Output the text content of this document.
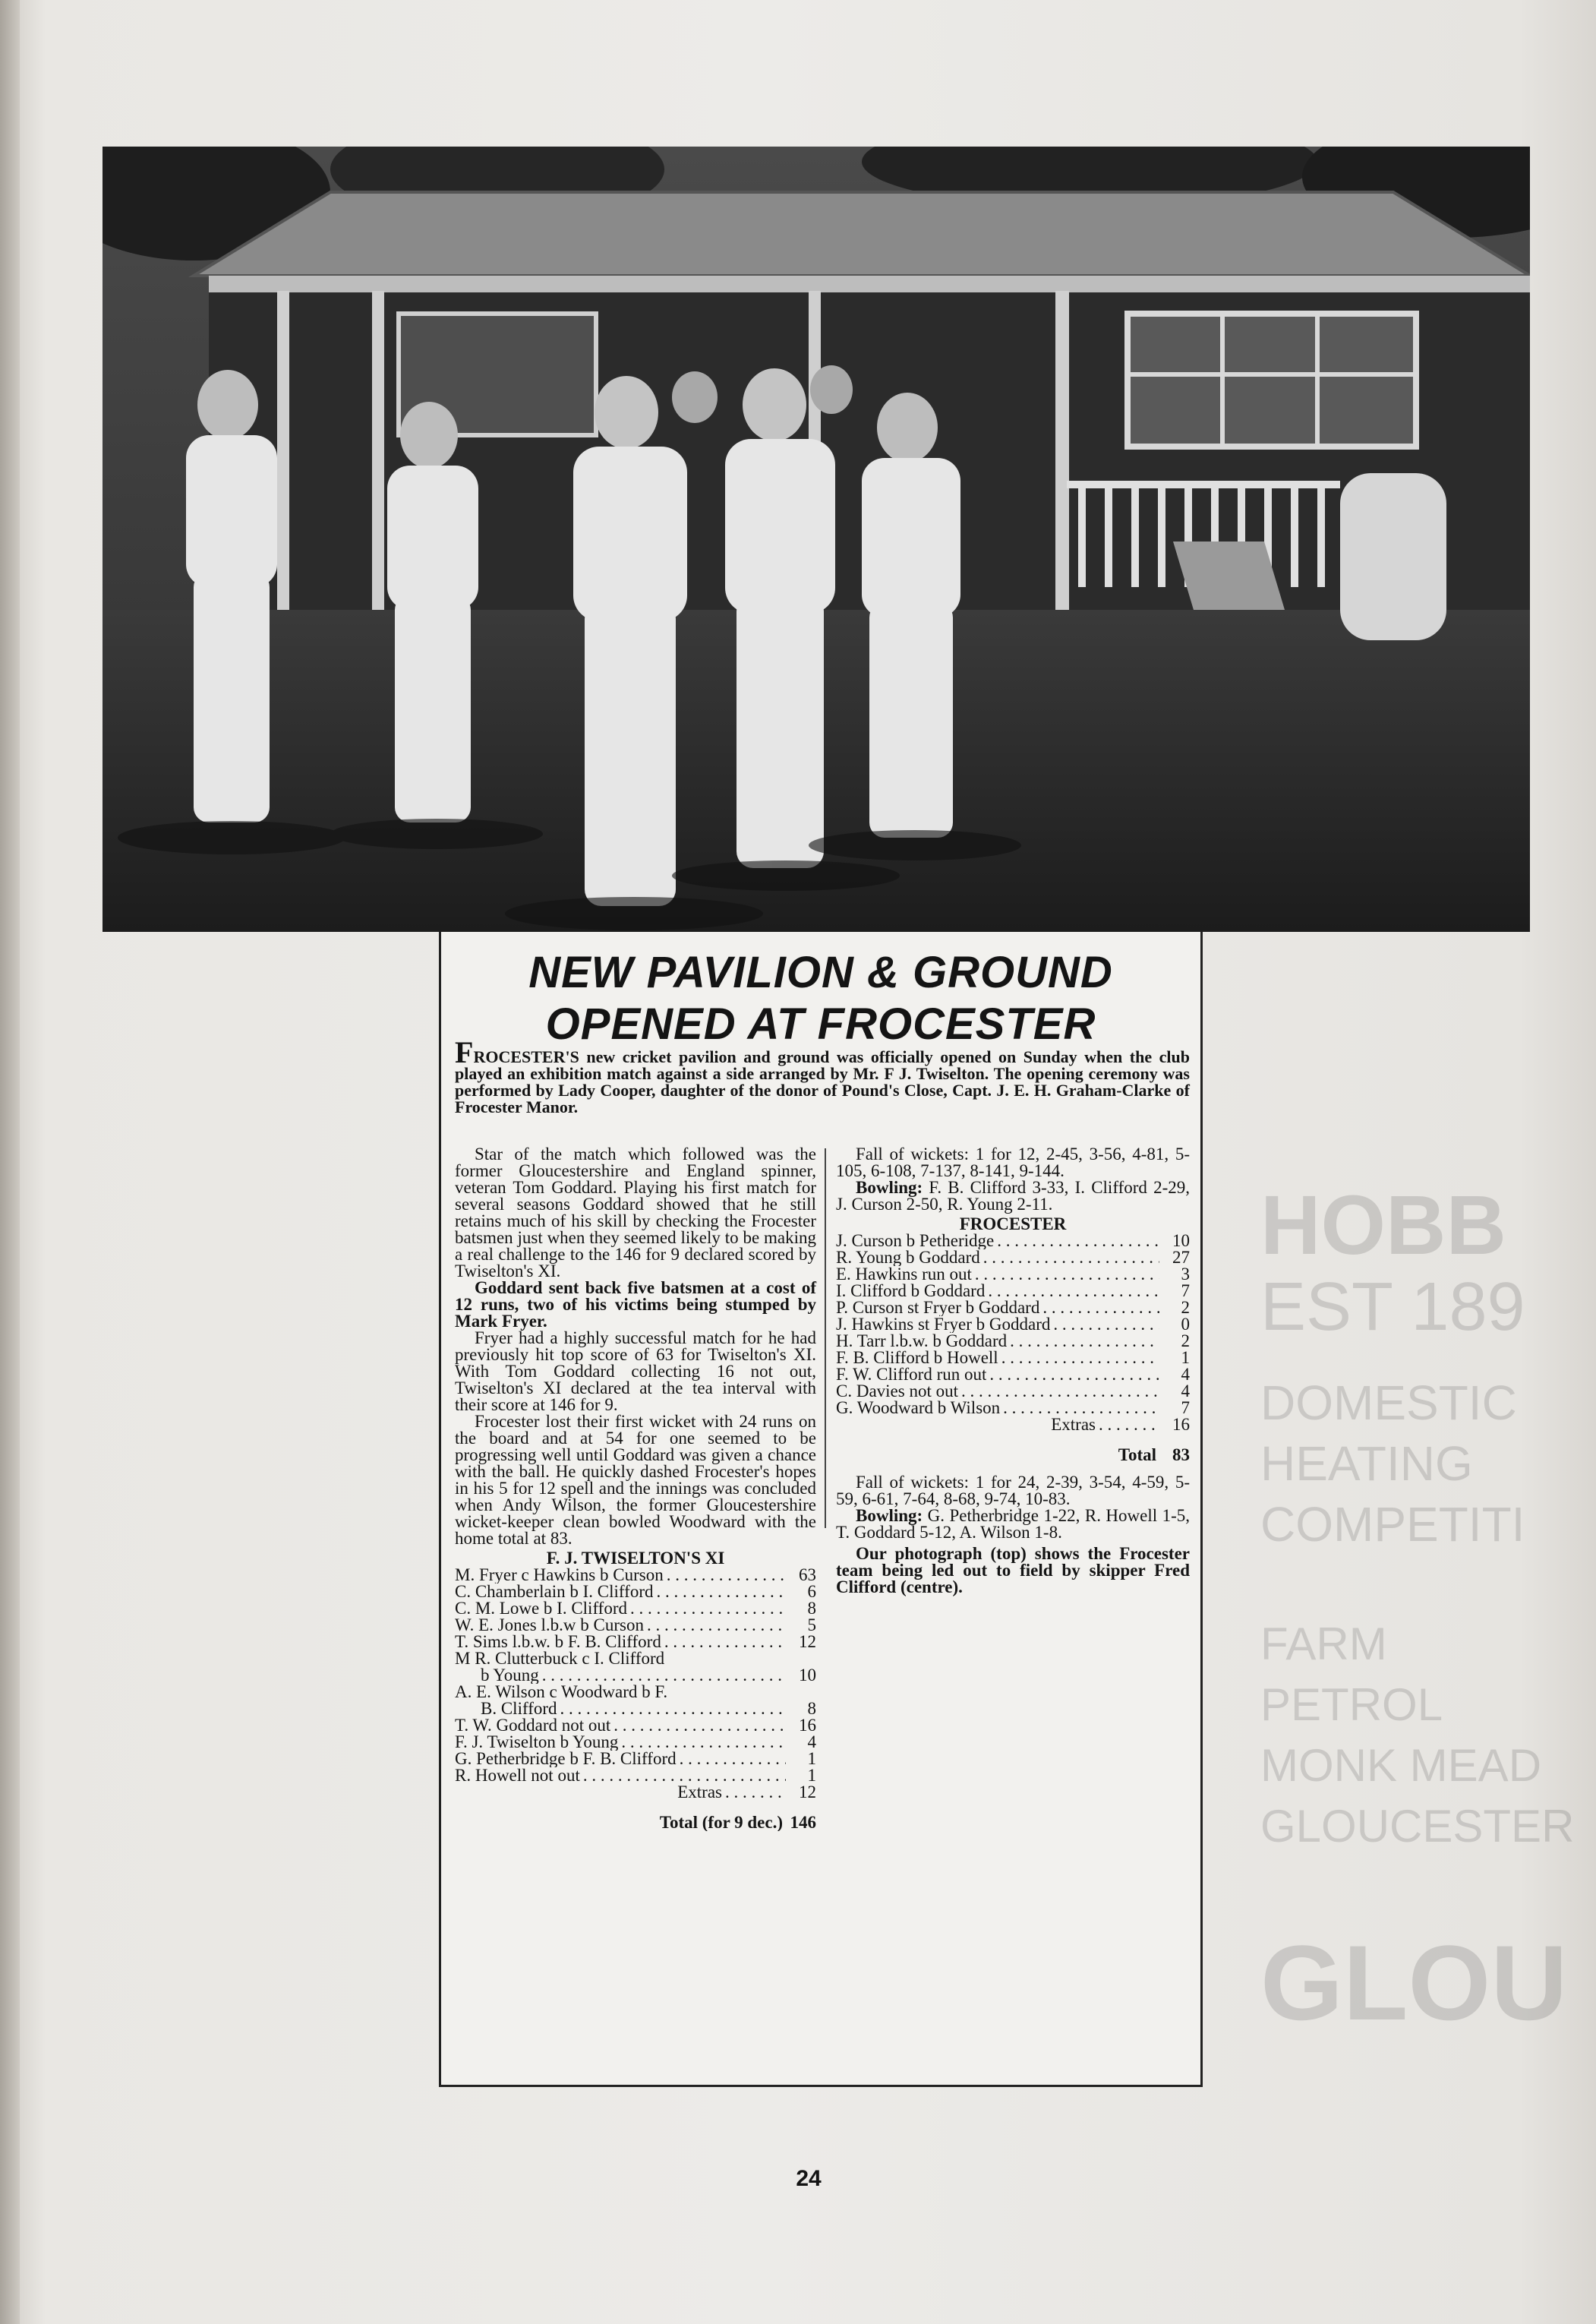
HOBB
EST 189
DOMESTIC
HEATING
COMPETITI
FARM
PETROL
MONK MEAD
GLOUCESTER
GLOU
NEW PAVILION & GROUND
OPENED AT FROCESTER
FROCESTER'S new cricket pavilion and ground was officially opened on Sunday when the club played an exhibition match against a side arranged by Mr. F J. Twiselton. The opening ceremony was performed by Lady Cooper, daughter of the donor of Pound's Close, Capt. J. E. H. Graham-Clarke of Frocester Manor.

Star of the match which followed was the former Gloucestershire and England spinner, veteran Tom Goddard. Playing his first match for several seasons Goddard showed that he still retains much of his skill by checking the Frocester batsmen just when they seemed likely to be making a real challenge to the 146 for 9 declared scored by Twiselton's XI.

Goddard sent back five batsmen at a cost of 12 runs, two of his victims being stumped by Mark Fryer.

Fryer had a highly successful match for he had previously hit top score of 63 for Twiselton's XI. With Tom Goddard collecting 16 not out, Twiselton's XI declared at the tea interval with their score at 146 for 9.

Frocester lost their first wicket with 24 runs on the board and at 54 for one seemed to be progressing well until Goddard was given a chance with the ball. He quickly dashed Frocester's hopes in his 5 for 12 spell and the innings was concluded when Andy Wilson, the former Gloucestershire wicket-keeper clean bowled Woodward with the home total at 83.

F. J. TWISELTON'S XI
M. Fryer c Hawkins b Curson . . .	63
C. Chamberlain b I. Clifford . . .	6
C. M. Lowe b I. Clifford . . .	8
W. E. Jones l.b.w b Curson . . .	5
T. Sims l.b.w. b F. B. Clifford . . .	12
M R. Clutterbuck c I. Clifford
b Young . . .	10
A. E. Wilson c Woodward b F.
B. Clifford . . .	8
T. W. Goddard not out . . .	16
F. J. Twiselton b Young . . .	4
G. Petherbridge b F. B. Clifford . . .	1
R. Howell not out . . .	1
Extras . . .	12
Total (for 9 dec.) 146

Fall of wickets: 1 for 12, 2-45, 3-56, 4-81, 5-105, 6-108, 7-137, 8-141, 9-144.

Bowling: F. B. Clifford 3-33, I. Clifford 2-29, J. Curson 2-50, R. Young 2-11.

FROCESTER
J. Curson b Petheridge . . .	10
R. Young b Goddard . . .	27
E. Hawkins run out . . .	3
I. Clifford b Goddard . . .	7
P. Curson st Fryer b Goddard . . .	2
J. Hawkins st Fryer b Goddard . . .	0
H. Tarr l.b.w. b Goddard . . .	2
F. B. Clifford b Howell . . .	1
F. W. Clifford run out . . .	4
C. Davies not out . . .	4
G. Woodward b Wilson . . .	7
Extras . . .	16
Total 83

Fall of wickets: 1 for 24, 2-39, 3-54, 4-59, 5-59, 6-61, 7-64, 8-68, 9-74, 10-83.

Bowling: G. Petherbridge 1-22, R. Howell 1-5, T. Goddard 5-12, A. Wilson 1-8.

Our photograph (top) shows the Frocester team being led out to field by skipper Fred Clifford (centre).

24
